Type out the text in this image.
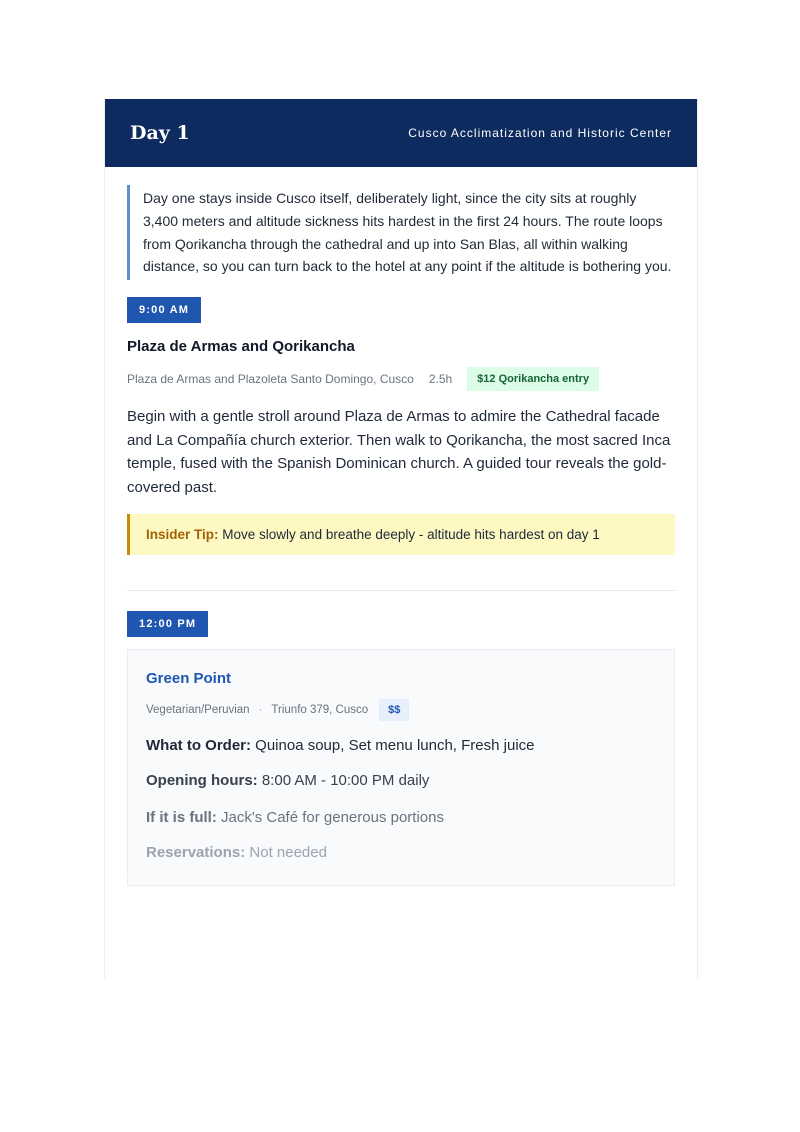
Day 1	Cusco Acclimatization and Historic Center
Day one stays inside Cusco itself, deliberately light, since the city sits at roughly 3,400 meters and altitude sickness hits hardest in the first 24 hours. The route loops from Qorikancha through the cathedral and up into San Blas, all within walking distance, so you can turn back to the hotel at any point if the altitude is bothering you.
9:00 AM
Plaza de Armas and Qorikancha
Plaza de Armas and Plazoleta Santo Domingo, Cusco 2.5h	$12 Qorikancha entry
Begin with a gentle stroll around Plaza de Armas to admire the Cathedral facade and La Compañía church exterior. Then walk to Qorikancha, the most sacred Inca temple, fused with the Spanish Dominican church. A guided tour reveals the gold-covered past.
Insider Tip: Move slowly and breathe deeply - altitude hits hardest on day 1
12:00 PM
Green Point
Vegetarian/Peruvian · Triunfo 379, Cusco	$$
What to Order: Quinoa soup, Set menu lunch, Fresh juice
Opening hours: 8:00 AM - 10:00 PM daily
If it is full: Jack's Café for generous portions
Reservations: Not needed
